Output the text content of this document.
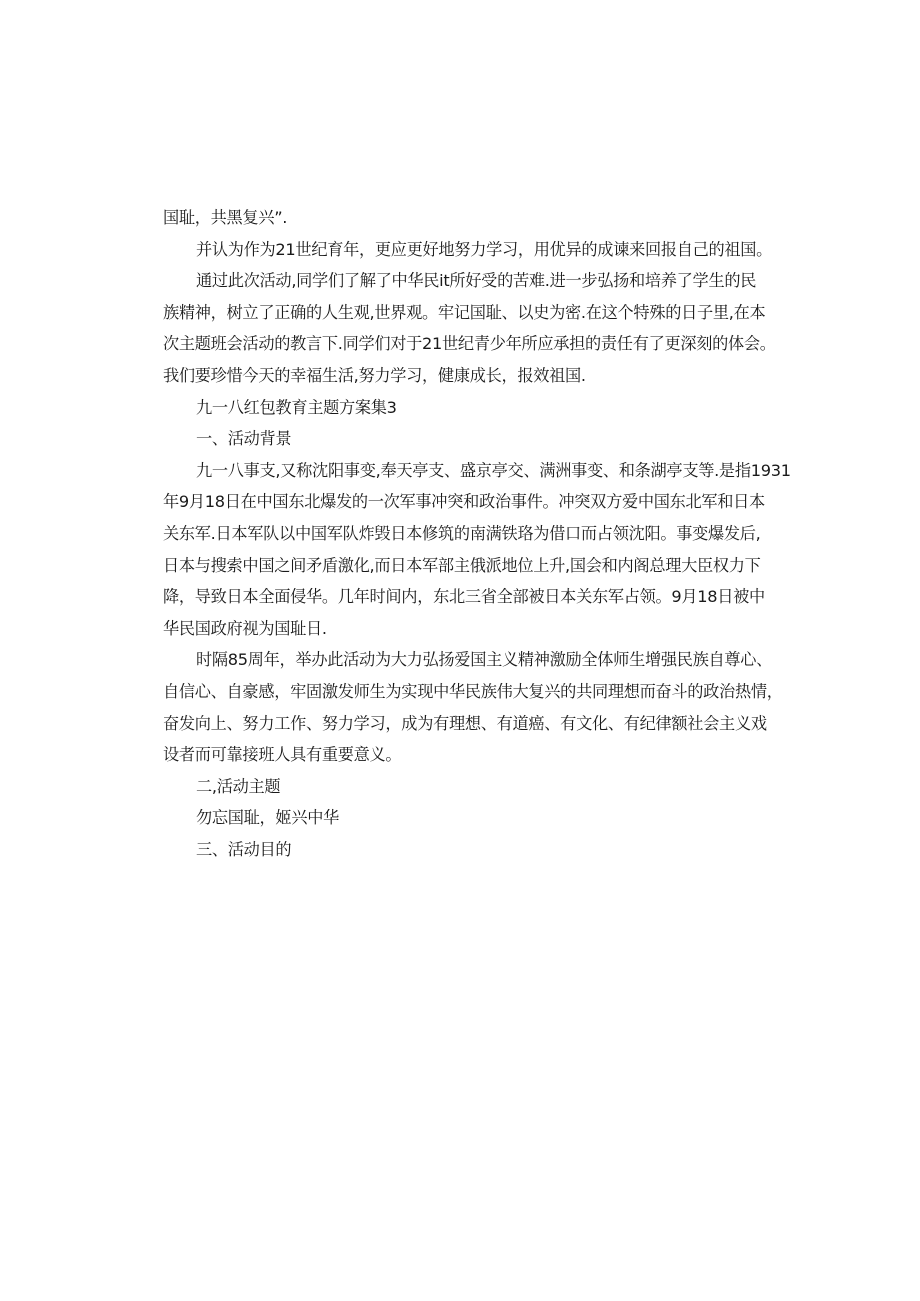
国耻，共黑复兴”.
并认为作为21世纪育年，更应更好地努力学习，用优异的成谏来回报自己的祖国。
通过此次活动,同学们了解了中华民it所好受的苦难.进一步弘扬和培养了学生的民
族精神，树立了正确的人生观,世界观。牢记国耻、以史为密.在这个特殊的日子里,在本
次主题班会活动的教言下.同学们对于21世纪青少年所应承担的责任有了更深刻的体会。
我们要珍惜今天的幸福生活,努力学习，健康成长，报效祖国.
九一八红包教育主题方案集3
一、活动背景
九一八事支,又称沈阳事变,奉天亭支、盛京亭交、满洲事变、和条湖亭支等.是指1931
年9月18日在中国东北爆发的一次军事冲突和政治事件。冲突双方爱中国东北军和日本
关东军.日本军队以中国军队炸毁日本修筑的南满铁珞为借口而占领沈阳。事变爆发后,
日本与搜索中国之间矛盾激化,而日本军部主俄派地位上升,国会和内阁总理大臣权力下
降，导致日本全面侵华。几年时间内，东北三省全部被日本关东军占领。9月18日被中
华民国政府视为国耻日.
时隔85周年，举办此活动为大力弘扬爱国主义精神激励全体师生增强民族自尊心、
自信心、自豪感，牢固激发师生为实现中华民族伟大复兴的共同理想而奋斗的政治热情，
奋发向上、努力工作、努力学习，成为有理想、有道癌、有文化、有纪律额社会主义戏
设者而可靠接班人具有重要意义。
二,活动主题
勿忘国耻，姬兴中华
三、活动目的
